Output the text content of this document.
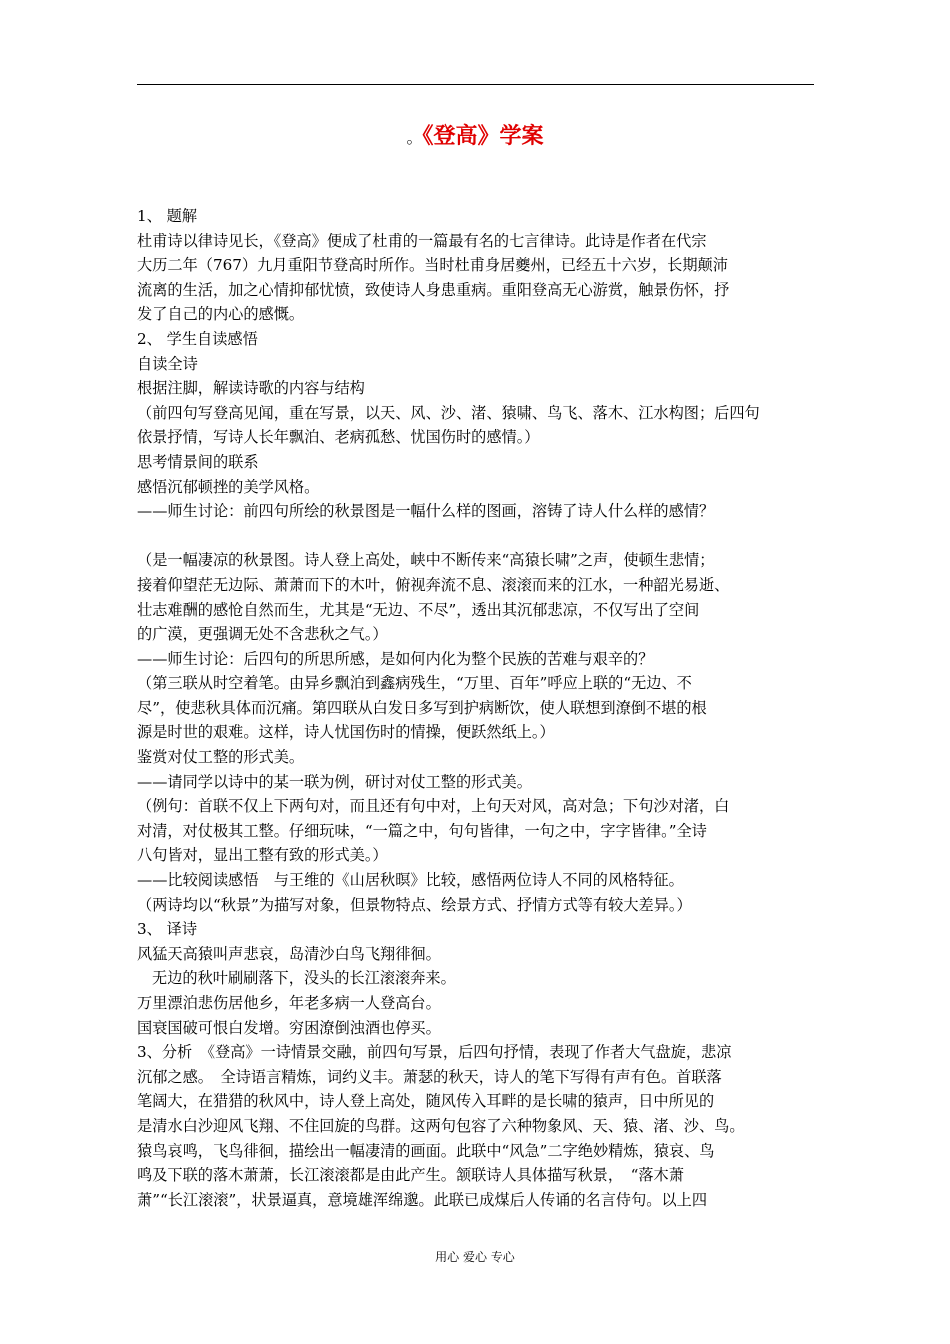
。《登高》学案

1、 题解

杜甫诗以律诗见长，《登高》便成了杜甫的一篇最有名的七言律诗。此诗是作者在代宗

大历二年（767）九月重阳节登高时所作。当时杜甫身居夔州，已经五十六岁，长期颠沛

流离的生活，加之心情抑郁忧愤，致使诗人身患重病。重阳登高无心游赏，触景伤怀，抒

发了自己的内心的感慨。

2、 学生自读感悟

自读全诗

根据注脚，解读诗歌的内容与结构

（前四句写登高见闻，重在写景，以天、风、沙、渚、猿啸、鸟飞、落木、江水构图；后四句

依景抒情，写诗人长年飘泊、老病孤愁、忧国伤时的感情。）

思考情景间的联系

感悟沉郁顿挫的美学风格。

——师生讨论：前四句所绘的秋景图是一幅什么样的图画，溶铸了诗人什么样的感情？

（是一幅凄凉的秋景图。诗人登上高处，峡中不断传来“高猿长啸”之声，使顿生悲情；

接着仰望茫无边际、萧萧而下的木叶，俯视奔流不息、滚滚而来的江水，一种韶光易逝、

壮志难酬的感怆自然而生，尤其是“无边、不尽”，透出其沉郁悲凉，不仅写出了空间

的广漠，更强调无处不含悲秋之气。）

——师生讨论：后四句的所思所感，是如何内化为整个民族的苦难与艰辛的？

（第三联从时空着笔。由异乡飘泊到鑫病残生，“万里、百年”呼应上联的“无边、不

尽”，使悲秋具体而沉痛。第四联从白发日多写到护病断饮，使人联想到潦倒不堪的根

源是时世的艰难。这样，诗人忧国伤时的情操，便跃然纸上。）

鉴赏对仗工整的形式美。

——请同学以诗中的某一联为例，研讨对仗工整的形式美。

（例句：首联不仅上下两句对，而且还有句中对，上句天对风，高对急；下句沙对渚，白

对清，对仗极其工整。仔细玩味，“一篇之中，句句皆律，一句之中，字字皆律。”全诗

八句皆对，显出工整有致的形式美。）

——比较阅读感悟　与王维的《山居秋暝》比较，感悟两位诗人不同的风格特征。

（两诗均以“秋景”为描写对象，但景物特点、绘景方式、抒情方式等有较大差异。）

3、 译诗

风猛天高猿叫声悲哀，岛清沙白鸟飞翔徘徊。

无边的秋叶刷刷落下，没头的长江滚滚奔来。

万里漂泊悲伤居他乡，年老多病一人登高台。

国衰国破可恨白发增。穷困潦倒浊酒也停买。

3、分析　《登高》一诗情景交融，前四句写景，后四句抒情，表现了作者大气盘旋，悲凉

沉郁之感。　全诗语言精炼，词约义丰。萧瑟的秋天，诗人的笔下写得有声有色。首联落

笔阔大，在猎猎的秋风中，诗人登上高处，随风传入耳畔的是长啸的猿声，日中所见的

是清水白沙迎风飞翔、不住回旋的鸟群。这两句包容了六种物象风、天、猿、渚、沙、鸟。

猿鸟哀鸣，飞鸟徘徊，描绘出一幅凄清的画面。此联中“风急”二字绝妙精炼，猿哀、鸟

鸣及下联的落木萧萧，长江滚滚都是由此产生。颔联诗人具体描写秋景，　“落木萧

萧”“长江滚滚”，状景逼真，意境雄浑绵邈。此联已成煤后人传诵的名言侍句。以上四

用心 爱心 专心
